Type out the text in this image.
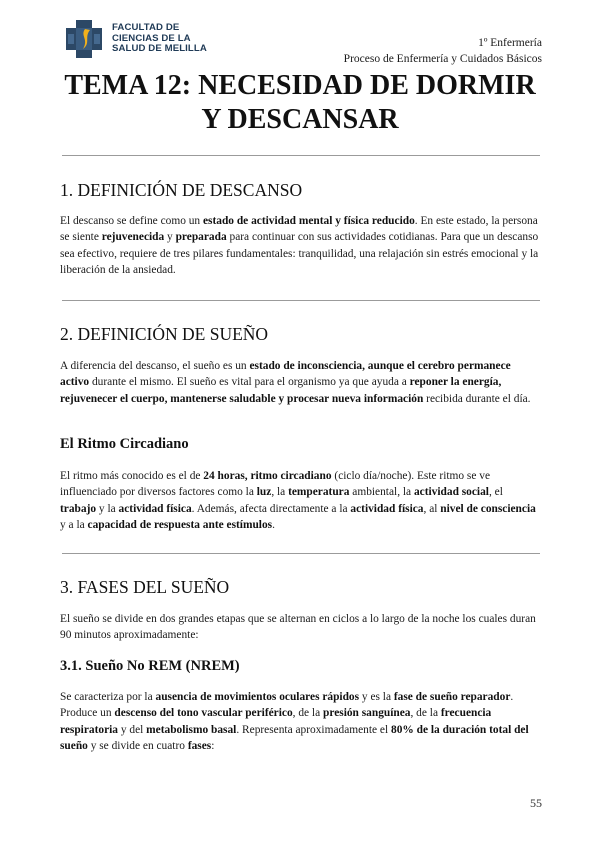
FACULTAD DE
CIENCIAS DE LA
SALUD DE MELILLA	1º Enfermería
Proceso de Enfermería y Cuidados Básicos
TEMA 12: NECESIDAD DE DORMIR
Y DESCANSAR
1. DEFINICIÓN DE DESCANSO

El descanso se define como un estado de actividad mental y física reducido. En este estado, la persona se siente rejuvenecida y preparada para continuar con sus actividades cotidianas. Para que un descanso sea efectivo, requiere de tres pilares fundamentales: tranquilidad, una relajación sin estrés emocional y la liberación de la ansiedad.

2. DEFINICIÓN DE SUEÑO

A diferencia del descanso, el sueño es un estado de inconsciencia, aunque el cerebro permanece activo durante el mismo. El sueño es vital para el organismo ya que ayuda a reponer la energía, rejuvenecer el cuerpo, mantenerse saludable y procesar nueva información recibida durante el día.

El Ritmo Circadiano

El ritmo más conocido es el de 24 horas, ritmo circadiano (ciclo día/noche). Este ritmo se ve influenciado por diversos factores como la luz, la temperatura ambiental, la actividad social, el trabajo y la actividad física. Además, afecta directamente a la actividad física, al nivel de consciencia y a la capacidad de respuesta ante estímulos.

3. FASES DEL SUEÑO

El sueño se divide en dos grandes etapas que se alternan en ciclos a lo largo de la noche los cuales duran 90 minutos aproximadamente:

3.1. Sueño No REM (NREM)

Se caracteriza por la ausencia de movimientos oculares rápidos y es la fase de sueño reparador. Produce un descenso del tono vascular periférico, de la presión sanguínea, de la frecuencia respiratoria y del metabolismo basal. Representa aproximadamente el 80% de la duración total del sueño y se divide en cuatro fases:

55
